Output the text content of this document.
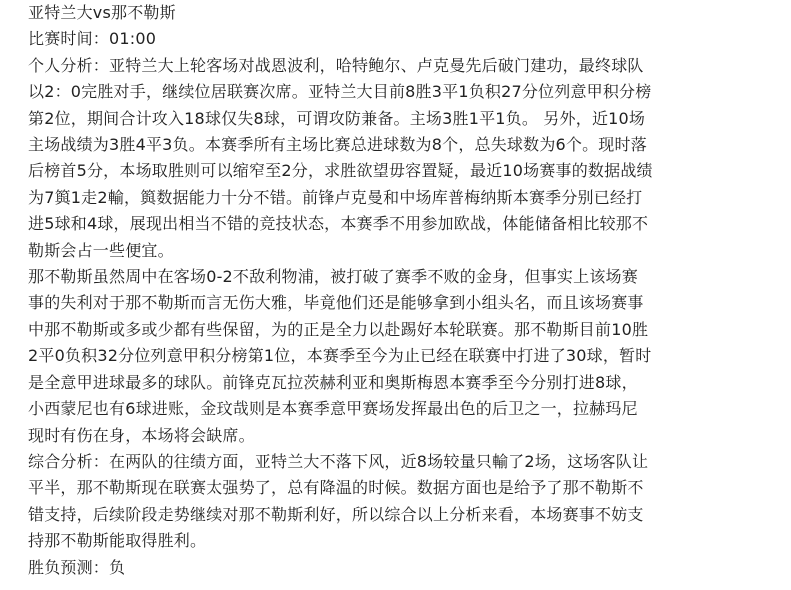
亚特兰大vs那不勒斯
比赛时间：01:00
个人分析：亚特兰大上轮客场对战恩波利，哈特鲍尔、卢克曼先后破门建功，最终球队
以2：0完胜对手，继续位居联赛次席。亚特兰大目前8胜3平1负积27分位列意甲积分榜
第2位，期间合计攻入18球仅失8球，可谓攻防兼备。主场3胜1平1负。 另外，近10场
主场战绩为3胜4平3负。本赛季所有主场比赛总进球数为8个，总失球数为6个。现时落
后榜首5分，本场取胜则可以缩窄至2分，求胜欲望毋容置疑，最近10场赛事的数据战绩
为7籅1走2輸，籅数据能力十分不错。前锋卢克曼和中场库普梅纳斯本赛季分别已经打
进5球和4球，展现出相当不错的竞技状态，本赛季不用参加欧战，体能储备相比较那不
勒斯会占一些便宜。
那不勒斯虽然周中在客场0-2不敌利物浦，被打破了赛季不败的金身，但事实上该场赛
事的失利对于那不勒斯而言无伤大雅，毕竟他们还是能够拿到小组头名，而且该场赛事
中那不勒斯或多或少都有些保留，为的正是全力以赴踢好本轮联赛。那不勒斯目前10胜
2平0负积32分位列意甲积分榜第1位，本赛季至今为止已经在联赛中打进了30球，暂时
是全意甲进球最多的球队。前锋克瓦拉茨赫利亚和奥斯梅恩本赛季至今分别打进8球，
小西蒙尼也有6球进账，金玟哉则是本赛季意甲赛场发挥最出色的后卫之一，拉赫玛尼
现时有伤在身，本场将会缺席。
综合分析：在两队的往绩方面，亚特兰大不落下风，近8场较量只輸了2场，这场客队让
平半，那不勒斯现在联赛太强势了，总有降温的时候。数据方面也是给予了那不勒斯不
错支持，后续阶段走势继续对那不勒斯利好，所以综合以上分析来看，本场赛事不妨支
持那不勒斯能取得胜利。
胜负预测：负
